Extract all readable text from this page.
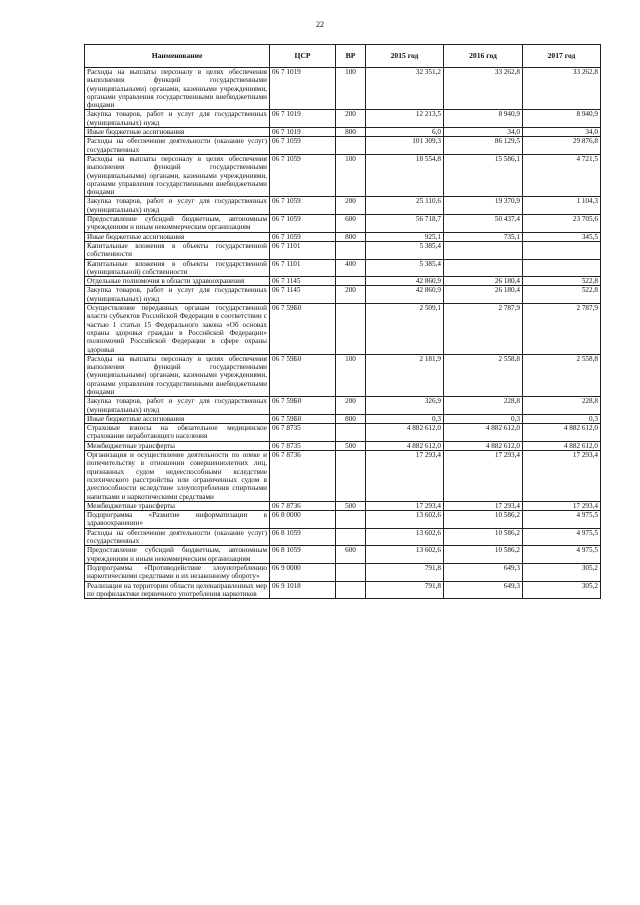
22
Наименование	ЦСР	ВР	2015 год	2016 год	2017 год
Расходы на выплаты персоналу в целях обеспечения выполнения функций государственными (муниципальными) органами, казенными учреждениями, органами управления государственными внебюджетными фондами	06 7 1019	100	32 351,2	33 262,8	33 262,8
Закупка товаров, работ и услуг для государственных (муниципальных) нужд	06 7 1019	200	12 213,5	8 940,9	8 940,9
Иные бюджетные ассигнования	06 7 1019	800	6,0	34,0	34,0
Расходы на обеспечение деятельности (оказание услуг) государственных	06 7 1059		101 309,3	86 129,5	29 876,8
Расходы на выплаты персоналу в целях обеспечения выполнения функций государственными (муниципальными) органами, казенными учреждениями, органами управления государственными внебюджетными фондами	06 7 1059	100	18 554,8	15 586,1	4 721,5
Закупка товаров, работ и услуг для государственных (муниципальных) нужд	06 7 1059	200	25 110,6	19 370,9	1 104,3
Предоставление субсидий бюджетным, автономным учреждениям и иным некоммерческим организациям	06 7 1059	600	56 718,7	50 437,4	23 705,6
Иные бюджетные ассигнования	06 7 1059	800	925,1	735,1	345,5
Капитальные вложения в объекты государственной собственности	06 7 1101		5 385,4		
Капитальные вложения в объекты государственной (муниципальной) собственности	06 7 1101	400	5 385,4		
Отдельные полномочия в области здравоохранения	06 7 1145		42 860,9	26 180,4	522,8
Закупка товаров, работ и услуг для государственных (муниципальных) нужд	06 7 1145	200	42 860,9	26 180,4	522,8
Осуществление переданных органам государственной власти субъектов Российской Федерации в соответствии с частью 1 статьи 15 Федерального закона «Об основах охраны здоровья граждан в Российской Федерации» полномочий Российской Федерации в сфере охраны здоровья	06 7 59Б0		2 509,1	2 787,9	2 787,9
Расходы на выплаты персоналу в целях обеспечения выполнения функций государственными (муниципальными) органами, казенными учреждениями, органами управления государственными внебюджетными фондами	06 7 59Б0	100	2 181,9	2 558,8	2 558,8
Закупка товаров, работ и услуг для государственных (муниципальных) нужд	06 7 59Б0	200	326,9	228,8	228,8
Иные бюджетные ассигнования	06 7 59Б0	800	0,3	0,3	0,3
Страховые взносы на обязательное медицинское страхование неработающего населения	06 7 8735		4 882 612,0	4 882 612,0	4 882 612,0
Межбюджетные трансферты	06 7 8735	500	4 882 612,0	4 882 612,0	4 882 612,0
Организация и осуществление деятельности по опеке и попечительству в отношении совершеннолетних лиц, признанных судом недееспособными вследствие психического расстройства или ограниченных судом в дееспособности вследствие злоупотребления спиртными напитками и наркотическими средствами	06 7 8736		17 293,4	17 293,4	17 293,4
Межбюджетные трансферты	06 7 8736	500	17 293,4	17 293,4	17 293,4
Подпрограмма «Развитие информатизации в здравоохранении»	06 8 0000		13 602,6	10 586,2	4 975,5
Расходы на обеспечение деятельности (оказание услуг) государственных	06 8 1059		13 602,6	10 586,2	4 975,5
Предоставление субсидий бюджетным, автономным учреждениям и иным некоммерческим организациям	06 8 1059	600	13 602,6	10 586,2	4 975,5
Подпрограмма «Противодействие злоупотреблению наркотическими средствами и их незаконному обороту»	06 9 0000		791,8	649,3	305,2
Реализация на территории области целенаправленных мер по профилактике первичного употребления наркотиков	06 9 1018		791,8	649,3	305,2
